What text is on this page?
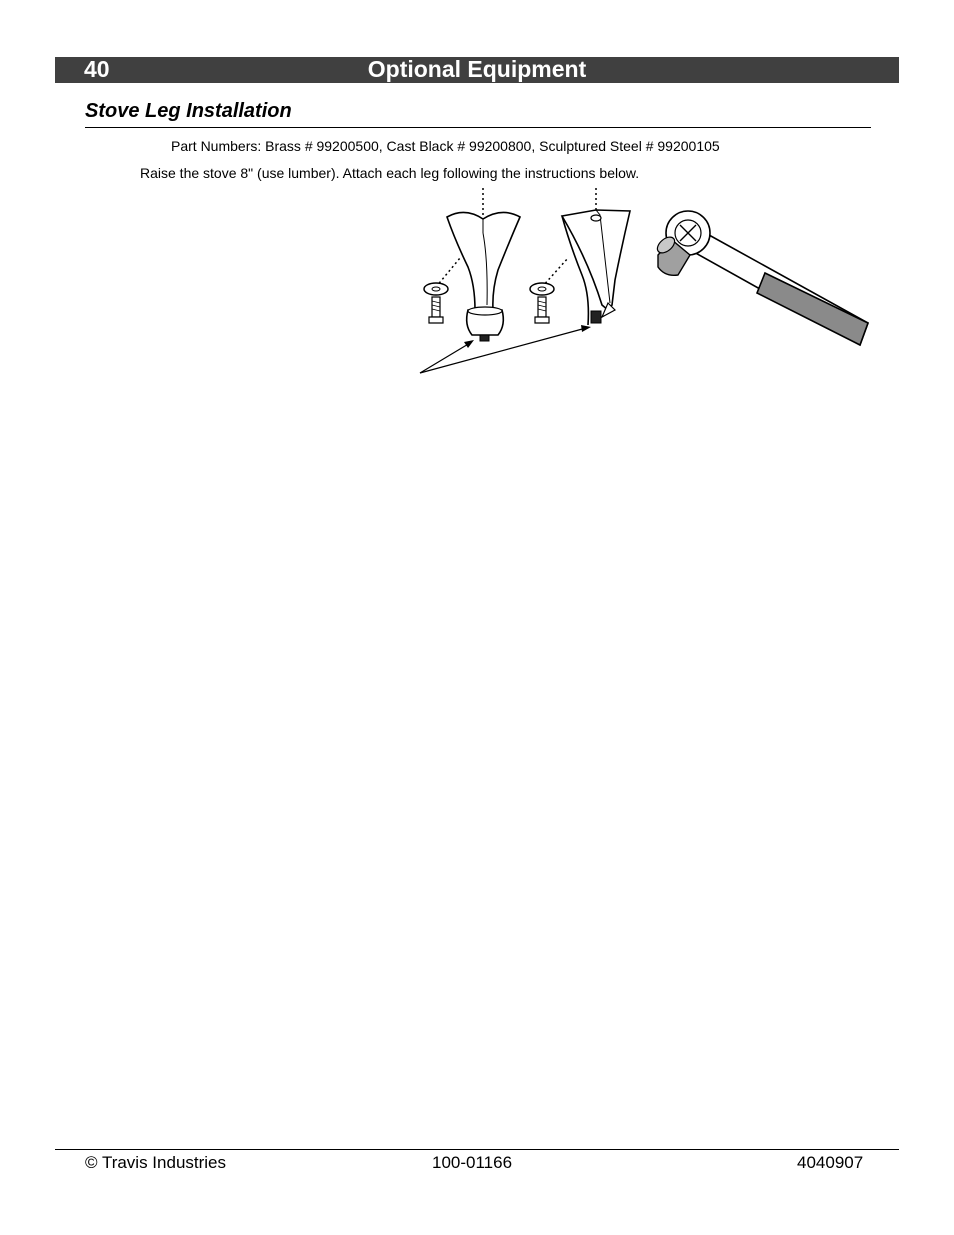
40	Optional Equipment
Stove Leg Installation
Part Numbers: Brass # 99200500, Cast Black # 99200800, Sculptured Steel # 99200105
Raise the stove 8" (use lumber). Attach each leg following the instructions below.
© Travis Industries	100-01166	4040907
